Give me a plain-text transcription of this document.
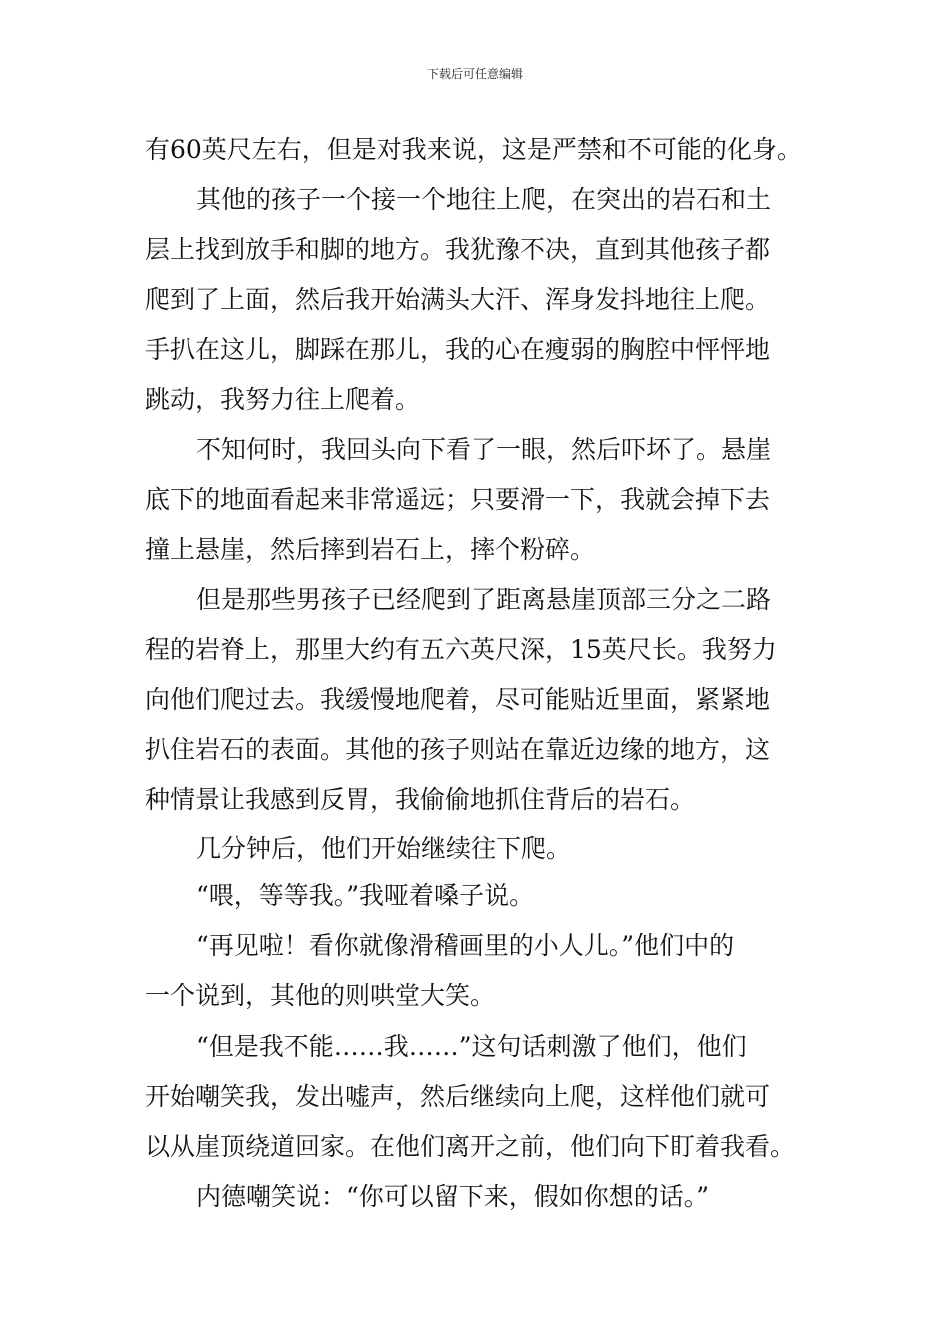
下载后可任意编辑
有60英尺左右，但是对我来说，这是严禁和不可能的化身。
其他的孩子一个接一个地往上爬，在突出的岩石和土
层上找到放手和脚的地方。我犹豫不决，直到其他孩子都
爬到了上面，然后我开始满头大汗、浑身发抖地往上爬。
手扒在这儿，脚踩在那儿，我的心在瘦弱的胸腔中怦怦地
跳动，我努力往上爬着。
不知何时，我回头向下看了一眼，然后吓坏了。悬崖
底下的地面看起来非常遥远；只要滑一下，我就会掉下去
撞上悬崖，然后摔到岩石上，摔个粉碎。
但是那些男孩子已经爬到了距离悬崖顶部三分之二路
程的岩脊上，那里大约有五六英尺深，15英尺长。我努力
向他们爬过去。我缓慢地爬着，尽可能贴近里面，紧紧地
扒住岩石的表面。其他的孩子则站在靠近边缘的地方，这
种情景让我感到反胃，我偷偷地抓住背后的岩石。
几分钟后，他们开始继续往下爬。
“喂，等等我。”我哑着嗓子说。
“再见啦！看你就像滑稽画里的小人儿。”他们中的
一个说到，其他的则哄堂大笑。
“但是我不能……我……”这句话刺激了他们，他们
开始嘲笑我，发出嘘声，然后继续向上爬，这样他们就可
以从崖顶绕道回家。在他们离开之前，他们向下盯着我看。
内德嘲笑说：“你可以留下来，假如你想的话。”
